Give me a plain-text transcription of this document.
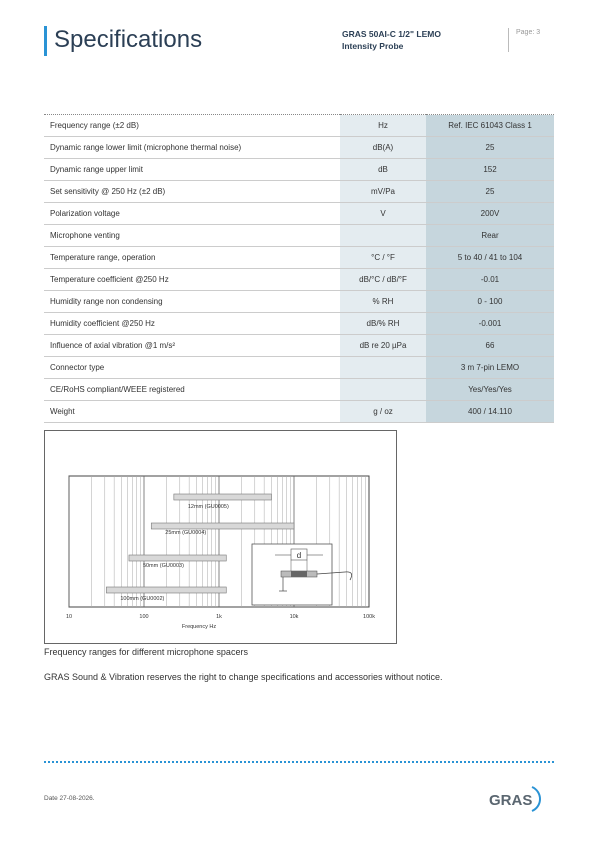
Specifications	GRAS 50AI-C 1/2" LEMO
Intensity Probe
Page: 3
Frequency range (±2 dB)	Hz	Ref. IEC 61043 Class 1
Dynamic range lower limit (microphone thermal noise)	dB(A)	25
Dynamic range upper limit	dB	152
Set sensitivity @ 250 Hz (±2 dB)	mV/Pa	25
Polarization voltage	V	200V
Microphone venting		Rear
Temperature range, operation	°C / °F	5 to 40 / 41 to 104
Temperature coefficient @250 Hz	dB/°C / dB/°F	-0.01
Humidity range non condensing	% RH	0 - 100
Humidity coefficient @250 Hz	dB/% RH	-0.001
Influence of axial vibration @1 m/s²	dB re 20 µPa	66
Connector type		3 m 7-pin LEMO
CE/RoHS compliant/WEEE registered		Yes/Yes/Yes
Weight	g / oz	400 / 14.110
10	100	1k	10k	100k
Frequency Hz
12mm (GU0005)
25mm (GU0004)
50mm (GU0003)
100mm (GU0002)
d
Frequency ranges for different microphone spacers
GRAS Sound & Vibration reserves the right to change specifications and accessories without notice.
Date 27-08-2026.	GRAS
